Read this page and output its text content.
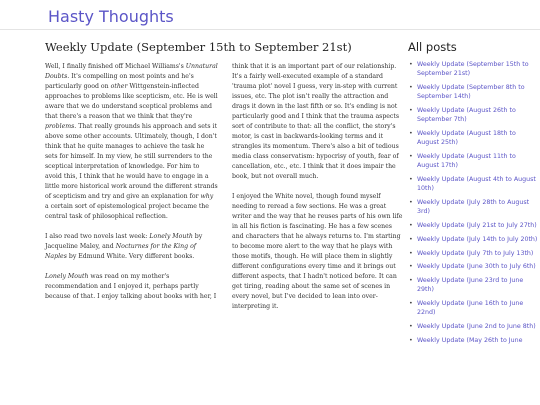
Hasty Thoughts
Weekly Update (September 15th to September 21st)

Well, I finally finished off Michael Williams's Unnatural Doubts. It's compelling on most points and he's particularly good on other Wittgenstein-inflected approaches to problems like scepticism, etc. He is well aware that we do understand sceptical problems and that there's a reason that we think that they're problems. That really grounds his approach and sets it above some other accounts. Ultimately, though, I don't think that he quite manages to achieve the task he sets for himself. In my view, he still surrenders to the sceptical interpretation of knowledge. For him to avoid this, I think that he would have to engage in a little more historical work around the different strands of scepticism and try and give an explanation for why a certain sort of epistemological project became the central task of philosophical reflection.

I also read two novels last week: Lonely Mouth by Jacqueline Maley, and Nocturnes for the King of Naples by Edmund White. Very different books.

Lonely Mouth was read on my mother's recommendation and I enjoyed it, perhaps partly because of that. I enjoy talking about books with her, I

think that it is an important part of our relationship. It's a fairly well-executed example of a standard 'trauma plot' novel I guess, very in-step with current issues, etc. The plot isn't really the attraction and drags it down in the last fifth or so. It's ending is not particularly good and I think that the trauma aspects sort of contribute to that: all the conflict, the story's motor, is cast in backwards-looking terms and it strangles its momentum. There's also a bit of tedious media class conservatism: hypocrisy of youth, fear of cancellation, etc., etc. I think that it does impair the book, but not overall much.

I enjoyed the White novel, though found myself needing to reread a few sections. He was a great writer and the way that he reuses parts of his own life in all his fiction is fascinating. He has a few scenes and characters that he always returns to. I'm starting to become more alert to the way that he plays with those motifs, though. He will place them in slightly different configurations every time and it brings out different aspects, that I hadn't noticed before. It can get tiring, reading about the same set of scenes in every novel, but I've decided to lean into over-interpreting it.

All posts
• Weekly Update (September 15th to September 21st)
• Weekly Update (September 8th to September 14th)
• Weekly Update (August 26th to September 7th)
• Weekly Update (August 18th to August 25th)
• Weekly Update (August 11th to August 17th)
• Weekly Update (August 4th to August 10th)
• Weekly Update (July 28th to August 3rd)
• Weekly Update (July 21st to July 27th)
• Weekly Update (July 14th to July 20th)
• Weekly Update (July 7th to July 13th)
• Weekly Update (June 30th to July 6th)
• Weekly Update (June 23rd to June 29th)
• Weekly Update (June 16th to June 22nd)
• Weekly Update (June 2nd to June 8th)
• Weekly Update (May 26th to June
